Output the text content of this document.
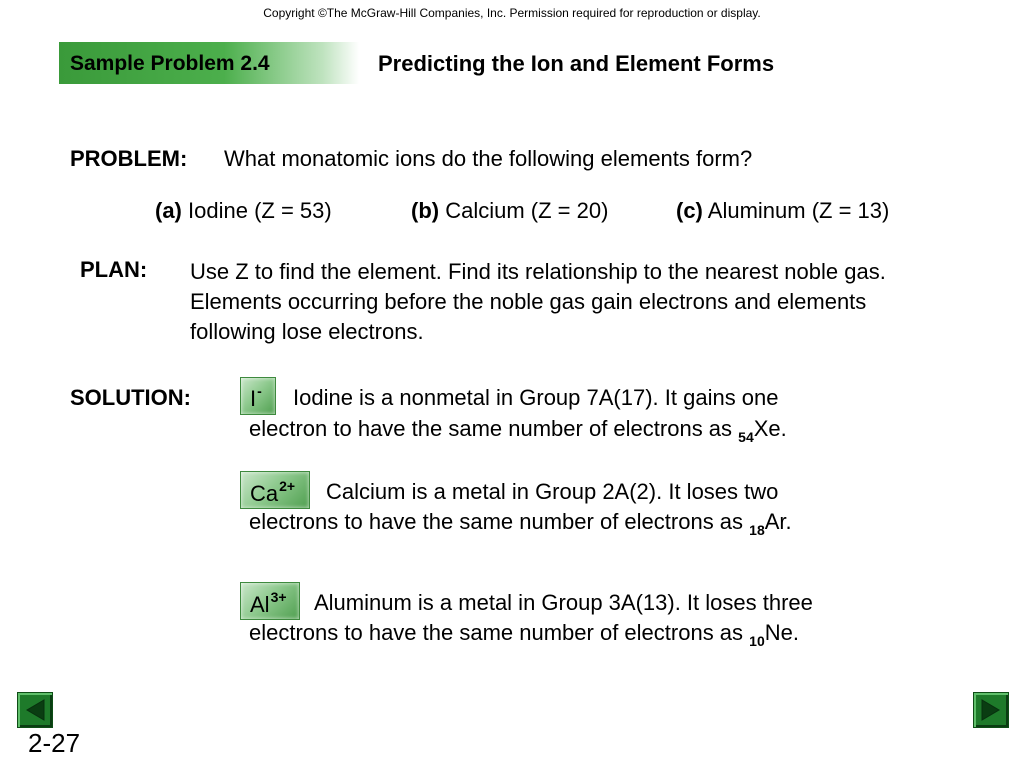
Copyright ©The McGraw-Hill Companies, Inc. Permission required for reproduction or display.
Sample Problem 2.4	Predicting the Ion and Element Forms
PROBLEM: What monatomic ions do the following elements form?
(a) Iodine (Z = 53)	(b) Calcium (Z = 20)	(c) Aluminum (Z = 13)
PLAN: Use Z to find the element. Find its relationship to the nearest noble gas. Elements occurring before the noble gas gain electrons and elements following lose electrons.
SOLUTION:	I- Iodine is a nonmetal in Group 7A(17). It gains one
electron to have the same number of electrons as $_{54}$Xe.
$Ca^{2+}$ Calcium is a metal in Group 2A(2). It loses two
electrons to have the same number of electrons as $_{18}$Ar.
$Al^{3+}$ Aluminum is a metal in Group 3A(13). It loses three
electrons to have the same number of electrons as $_{10}$Ne.
2-27
